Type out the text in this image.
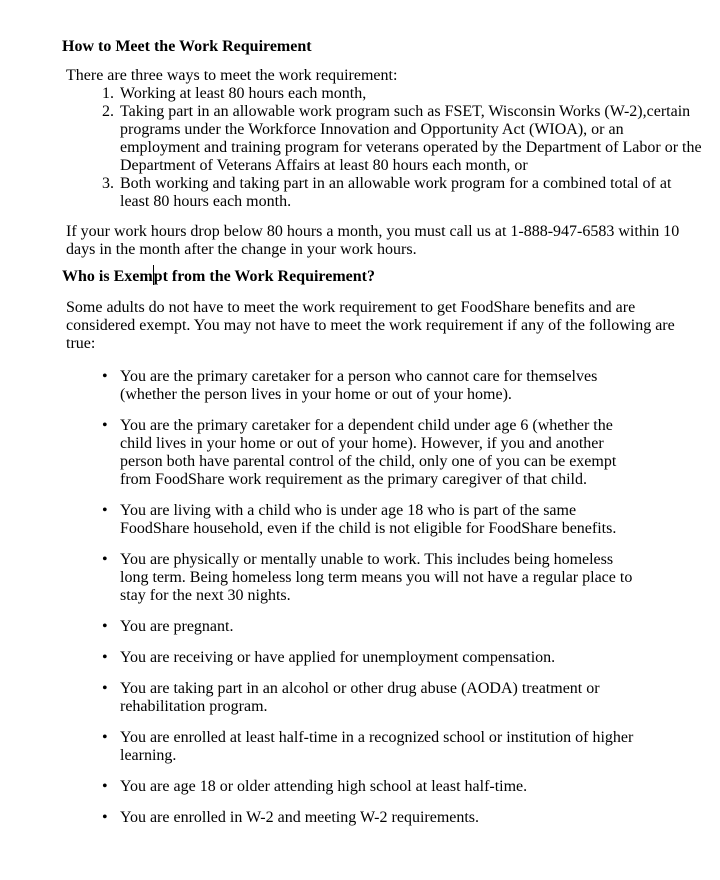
How to Meet the Work Requirement

There are three ways to meet the work requirement:

1. Working at least 80 hours each month,
2. Taking part in an allowable work program such as FSET, Wisconsin Works (W-2),certain programs under the Workforce Innovation and Opportunity Act (WIOA), or an employment and training program for veterans operated by the Department of Labor or the Department of Veterans Affairs at least 80 hours each month, or
3. Both working and taking part in an allowable work program for a combined total of at least 80 hours each month.

If your work hours drop below 80 hours a month, you must call us at 1-888-947-6583 within 10 days in the month after the change in your work hours.

Who is Exempt from the Work Requirement?

Some adults do not have to meet the work requirement to get FoodShare benefits and are considered exempt. You may not have to meet the work requirement if any of the following are true:

• You are the primary caretaker for a person who cannot care for themselves (whether the person lives in your home or out of your home).
• You are the primary caretaker for a dependent child under age 6 (whether the child lives in your home or out of your home). However, if you and another person both have parental control of the child, only one of you can be exempt from FoodShare work requirement as the primary caregiver of that child.
• You are living with a child who is under age 18 who is part of the same FoodShare household, even if the child is not eligible for FoodShare benefits.
• You are physically or mentally unable to work. This includes being homeless long term. Being homeless long term means you will not have a regular place to stay for the next 30 nights.
• You are pregnant.
• You are receiving or have applied for unemployment compensation.
• You are taking part in an alcohol or other drug abuse (AODA) treatment or rehabilitation program.
• You are enrolled at least half-time in a recognized school or institution of higher learning.
• You are age 18 or older attending high school at least half-time.
• You are enrolled in W-2 and meeting W-2 requirements.
